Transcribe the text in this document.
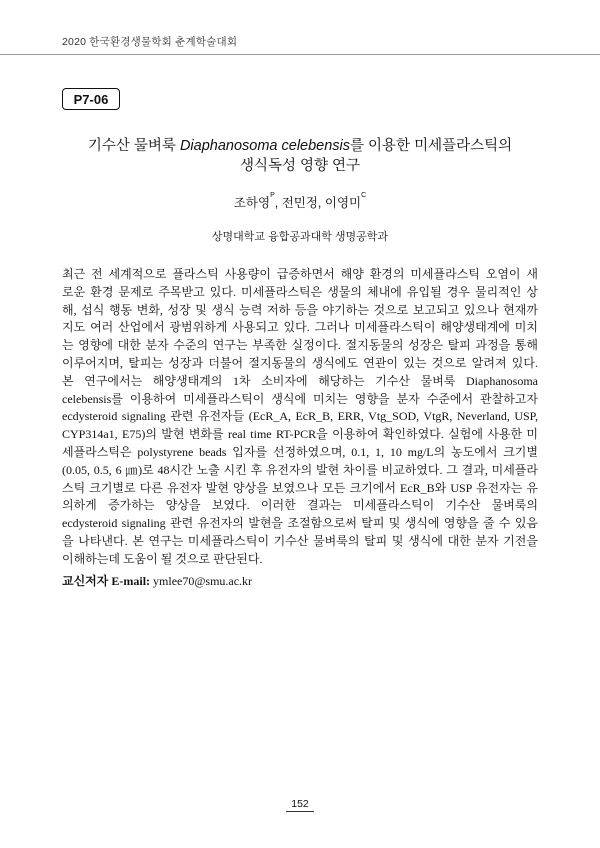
2020 한국환경생물학회 춘계학술대회
P7-06
기수산 물벼룩 Diaphanosoma celebensis를 이용한 미세플라스틱의
생식독성 영향 연구
조하영$^P$, 전민정, 이영미$^C$
상명대학교 융합공과대학 생명공학과
최근 전 세계적으로 플라스틱 사용량이 급증하면서 해양 환경의 미세플라스틱 오염이 새
로운 환경 문제로 주목받고 있다. 미세플라스틱은 생물의 체내에 유입될 경우 물리적인 상
해, 섭식 행동 변화, 성장 및 생식 능력 저하 등을 야기하는 것으로 보고되고 있으나 현재까
지도 여러 산업에서 광범위하게 사용되고 있다. 그러나 미세플라스틱이 해양생태계에 미치
는 영향에 대한 분자 수준의 연구는 부족한 실정이다. 절지동물의 성장은 탈피 과정을 통해
이루어지며, 탈피는 성장과 더불어 절지동물의 생식에도 연관이 있는 것으로 알려져 있다.
본 연구에서는 해양생태계의 1차 소비자에 해당하는 기수산 물벼룩 Diaphanosoma
celebensis를 이용하여 미세플라스틱이 생식에 미치는 영향을 분자 수준에서 관찰하고자
ecdysteroid signaling 관련 유전자들 (EcR_A, EcR_B, ERR, Vtg_SOD, VtgR, Neverland, USP,
CYP314a1, E75)의 발현 변화를 real time RT-PCR을 이용하여 확인하였다. 실험에 사용한 미
세플라스틱은 polystyrene beads 입자를 선정하였으며, 0.1, 1, 10 mg/L의 농도에서 크기별
(0.05, 0.5, 6 ㎛)로 48시간 노출 시킨 후 유전자의 발현 차이를 비교하였다. 그 결과, 미세플라
스틱 크기별로 다른 유전자 발현 양상을 보였으나 모든 크기에서 EcR_B와 USP 유전자는 유
의하게 증가하는 양상을 보였다. 이러한 결과는 미세플라스틱이 기수산 물벼룩의
ecdysteroid signaling 관련 유전자의 발현을 조절함으로써 탈피 및 생식에 영향을 줄 수 있음
을 나타낸다. 본 연구는 미세플라스틱이 기수산 물벼룩의 탈피 및 생식에 대한 분자 기전을
이해하는데 도움이 될 것으로 판단된다.
교신저자 E-mail: ymlee70@smu.ac.kr
152
